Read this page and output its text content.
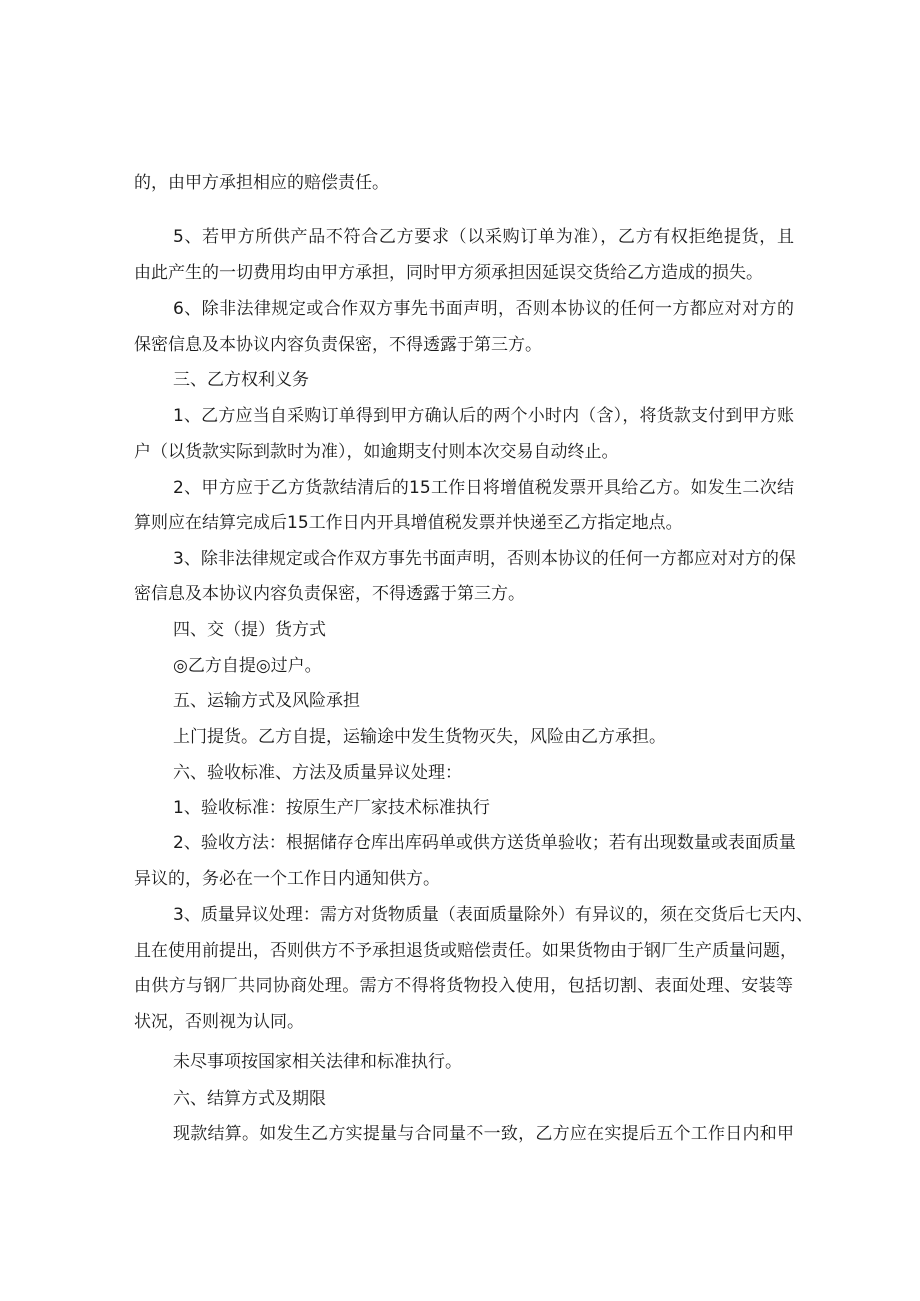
的，由甲方承担相应的赔偿责任。

5、若甲方所供产品不符合乙方要求（以采购订单为准），乙方有权拒绝提货，且

由此产生的一切费用均由甲方承担，同时甲方须承担因延误交货给乙方造成的损失。

6、除非法律规定或合作双方事先书面声明，否则本协议的任何一方都应对对方的

保密信息及本协议内容负责保密，不得透露于第三方。

三、乙方权利义务

1、乙方应当自采购订单得到甲方确认后的两个小时内（含），将货款支付到甲方账

户（以货款实际到款时为准），如逾期支付则本次交易自动终止。

2、甲方应于乙方货款结清后的15工作日将增值税发票开具给乙方。如发生二次结

算则应在结算完成后15工作日内开具增值税发票并快递至乙方指定地点。

3、除非法律规定或合作双方事先书面声明，否则本协议的任何一方都应对对方的保

密信息及本协议内容负责保密，不得透露于第三方。

四、交（提）货方式

◎乙方自提◎过户。

五、运输方式及风险承担

上门提货。乙方自提，运输途中发生货物灭失，风险由乙方承担。

六、验收标准、方法及质量异议处理：

1、验收标准：按原生产厂家技术标准执行

2、验收方法：根据储存仓库出库码单或供方送货单验收；若有出现数量或表面质量

异议的，务必在一个工作日内通知供方。

3、质量异议处理：需方对货物质量（表面质量除外）有异议的，须在交货后七天内、

且在使用前提出，否则供方不予承担退货或赔偿责任。如果货物由于钢厂生产质量问题，

由供方与钢厂共同协商处理。需方不得将货物投入使用，包括切割、表面处理、安装等

状况，否则视为认同。

未尽事项按国家相关法律和标准执行。

六、结算方式及期限

现款结算。如发生乙方实提量与合同量不一致，乙方应在实提后五个工作日内和甲
